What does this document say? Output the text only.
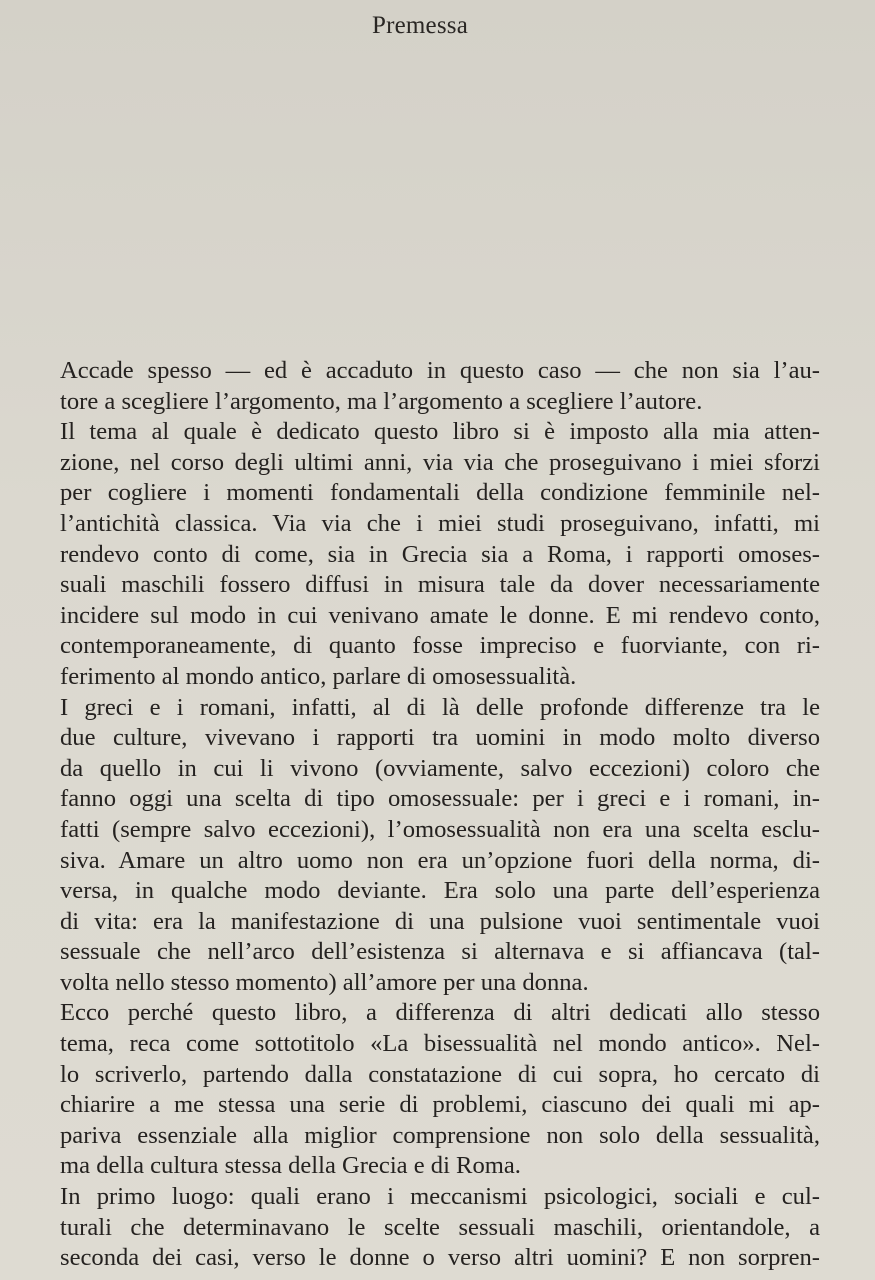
Premessa

Accade spesso — ed è accaduto in questo caso — che non sia l’au-
tore a scegliere l’argomento, ma l’argomento a scegliere l’autore.

Il tema al quale è dedicato questo libro si è imposto alla mia atten-
zione, nel corso degli ultimi anni, via via che proseguivano i miei sforzi
per cogliere i momenti fondamentali della condizione femminile nel-
l’antichità classica. Via via che i miei studi proseguivano, infatti, mi
rendevo conto di come, sia in Grecia sia a Roma, i rapporti omoses-
suali maschili fossero diffusi in misura tale da dover necessariamente
incidere sul modo in cui venivano amate le donne. E mi rendevo conto,
contemporaneamente, di quanto fosse impreciso e fuorviante, con ri-
ferimento al mondo antico, parlare di omosessualità.

I greci e i romani, infatti, al di là delle profonde differenze tra le
due culture, vivevano i rapporti tra uomini in modo molto diverso
da quello in cui li vivono (ovviamente, salvo eccezioni) coloro che
fanno oggi una scelta di tipo omosessuale: per i greci e i romani, in-
fatti (sempre salvo eccezioni), l’omosessualità non era una scelta esclu-
siva. Amare un altro uomo non era un’opzione fuori della norma, di-
versa, in qualche modo deviante. Era solo una parte dell’esperienza
di vita: era la manifestazione di una pulsione vuoi sentimentale vuoi
sessuale che nell’arco dell’esistenza si alternava e si affiancava (tal-
volta nello stesso momento) all’amore per una donna.

Ecco perché questo libro, a differenza di altri dedicati allo stesso
tema, reca come sottotitolo «La bisessualità nel mondo antico». Nel-
lo scriverlo, partendo dalla constatazione di cui sopra, ho cercato di
chiarire a me stessa una serie di problemi, ciascuno dei quali mi ap-
pariva essenziale alla miglior comprensione non solo della sessualità,
ma della cultura stessa della Grecia e di Roma.

In primo luogo: quali erano i meccanismi psicologici, sociali e cul-
turali che determinavano le scelte sessuali maschili, orientandole, a
seconda dei casi, verso le donne o verso altri uomini? E non sorpren-
